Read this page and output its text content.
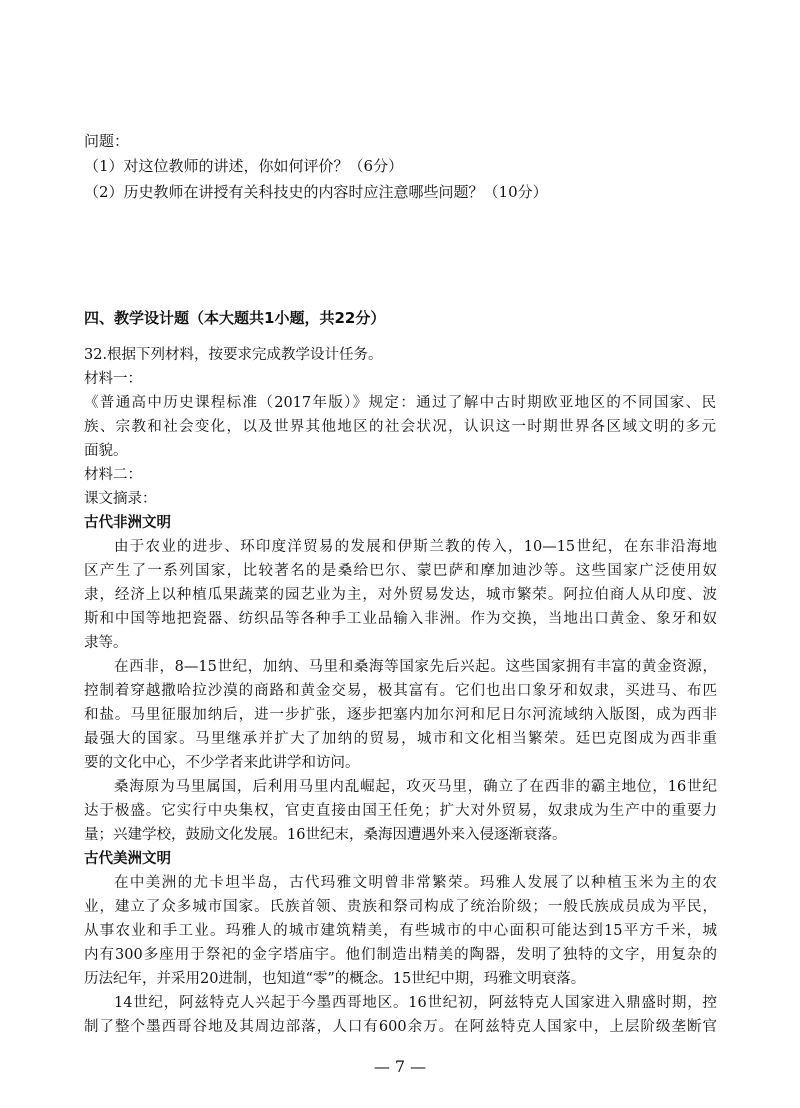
问题：
（1）对这位教师的讲述，你如何评价？（6分）
（2）历史教师在讲授有关科技史的内容时应注意哪些问题？（10分）
四、教学设计题（本大题共1小题，共22分）
32.根据下列材料，按要求完成教学设计任务。
材料一：
《普通高中历史课程标准（2017年版）》规定：通过了解中古时期欧亚地区的不同国家、民
族、宗教和社会变化，以及世界其他地区的社会状况，认识这一时期世界各区域文明的多元
面貌。
材料二：
课文摘录：
古代非洲文明
由于农业的进步、环印度洋贸易的发展和伊斯兰教的传入，10—15世纪，在东非沿海地
区产生了一系列国家，比较著名的是桑给巴尔、蒙巴萨和摩加迪沙等。这些国家广泛使用奴
隶，经济上以种植瓜果蔬菜的园艺业为主，对外贸易发达，城市繁荣。阿拉伯商人从印度、波
斯和中国等地把瓷器、纺织品等各种手工业品输入非洲。作为交换，当地出口黄金、象牙和奴
隶等。
在西非，8—15世纪，加纳、马里和桑海等国家先后兴起。这些国家拥有丰富的黄金资源，
控制着穿越撒哈拉沙漠的商路和黄金交易，极其富有。它们也出口象牙和奴隶，买进马、布匹
和盐。马里征服加纳后，进一步扩张，逐步把塞内加尔河和尼日尔河流域纳入版图，成为西非
最强大的国家。马里继承并扩大了加纳的贸易，城市和文化相当繁荣。廷巴克图成为西非重
要的文化中心，不少学者来此讲学和访问。
桑海原为马里属国，后利用马里内乱崛起，攻灭马里，确立了在西非的霸主地位，16世纪
达于极盛。它实行中央集权，官吏直接由国王任免；扩大对外贸易，奴隶成为生产中的重要力
量；兴建学校，鼓励文化发展。16世纪末，桑海因遭遇外来入侵逐渐衰落。
古代美洲文明
在中美洲的尤卡坦半岛，古代玛雅文明曾非常繁荣。玛雅人发展了以种植玉米为主的农
业，建立了众多城市国家。氏族首领、贵族和祭司构成了统治阶级；一般氏族成员成为平民，
从事农业和手工业。玛雅人的城市建筑精美，有些城市的中心面积可能达到15平方千米，城
内有300多座用于祭祀的金字塔庙宇。他们制造出精美的陶器，发明了独特的文字，用复杂的
历法纪年，并采用20进制，也知道“零”的概念。15世纪中期，玛雅文明衰落。
14世纪，阿兹特克人兴起于今墨西哥地区。16世纪初，阿兹特克人国家进入鼎盛时期，控
制了整个墨西哥谷地及其周边部落，人口有600余万。在阿兹特克人国家中，上层阶级垄断官
— 7 —
